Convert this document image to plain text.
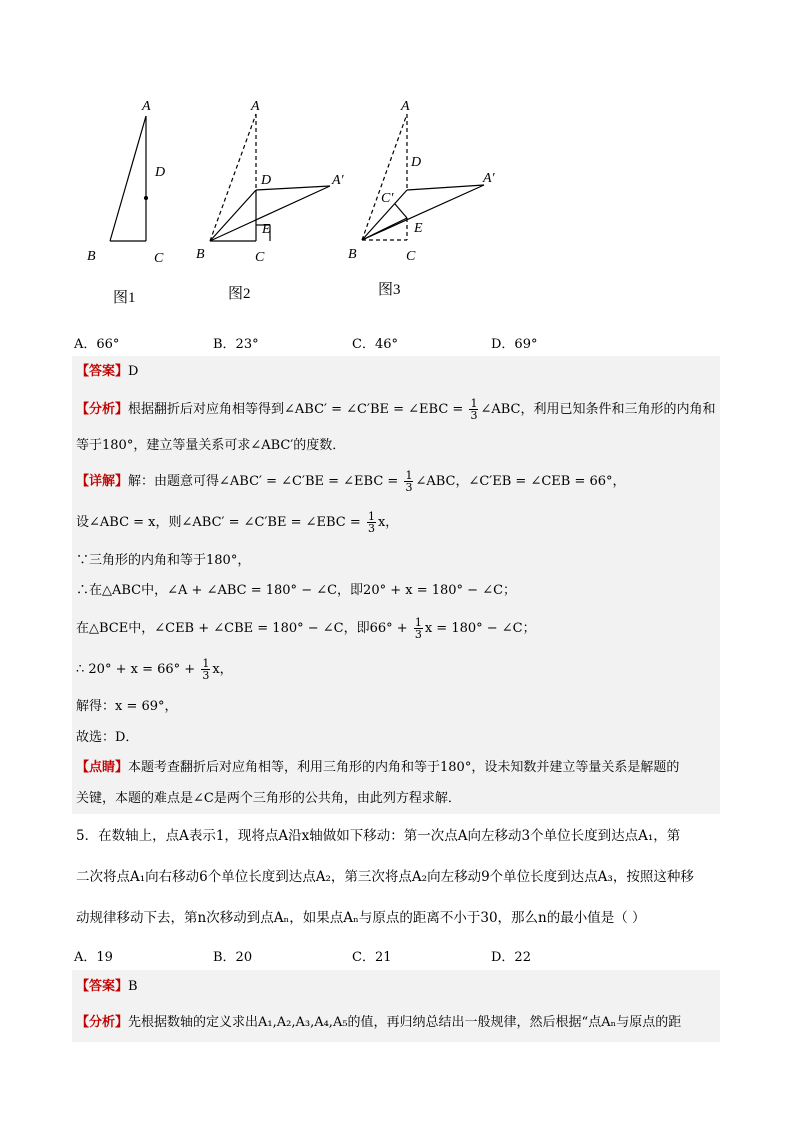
A
D
B	C
A
D	A′
E
B	C
A
D
C′
A′
E
B	C
图1	图2	图3
A．66°	B．23°	C．46°	D．69°
【答案】D
【分析】根据翻折后对应角相等得到∠ABC′ = ∠C′BE = ∠EBC = $\frac{1}{3}$ ∠ABC，利用已知条件和三角形的内角和
等于180°，建立等量关系可求∠ABC′的度数．
【详解】解：由题意可得∠ABC′ = ∠C′BE = ∠EBC = $\frac{1}{3}$ ∠ABC，∠C′EB = ∠CEB = 66°，
设∠ABC = x，则∠ABC′ = ∠C′BE = ∠EBC = $\frac{1}{3}$ x，
∵三角形的内角和等于180°，
∴在△ABC中，∠A + ∠ABC = 180° − ∠C，即20° + x = 180° − ∠C；
在△BCE中，∠CEB + ∠CBE = 180° − ∠C，即$66^\circ + \frac{1}{3}$ x = 180° − ∠C；
∴ $20^\circ + x = 66^\circ + \frac{1}{3}$ x，
解得：x = 69°，
故选：D．
【点睛】本题考查翻折后对应角相等，利用三角形的内角和等于180°，设未知数并建立等量关系是解题的
关键，本题的难点是∠C是两个三角形的公共角，由此列方程求解．
5．在数轴上，点A表示1，现将点A沿x轴做如下移动：第一次点A向左移动3个单位长度到达点A₁，第
二次将点A₁向右移动6个单位长度到达点A₂，第三次将点A₂向左移动9个单位长度到达点A₃，按照这种移
动规律移动下去，第n次移动到点Aₙ，如果点Aₙ与原点的距离不小于30，那么n的最小值是（ ）
A．19	B．20	C．21	D．22
【答案】B
【分析】先根据数轴的定义求出A₁,A₂,A₃,A₄,A₅的值，再归纳总结出一般规律，然后根据“点Aₙ与原点的距
